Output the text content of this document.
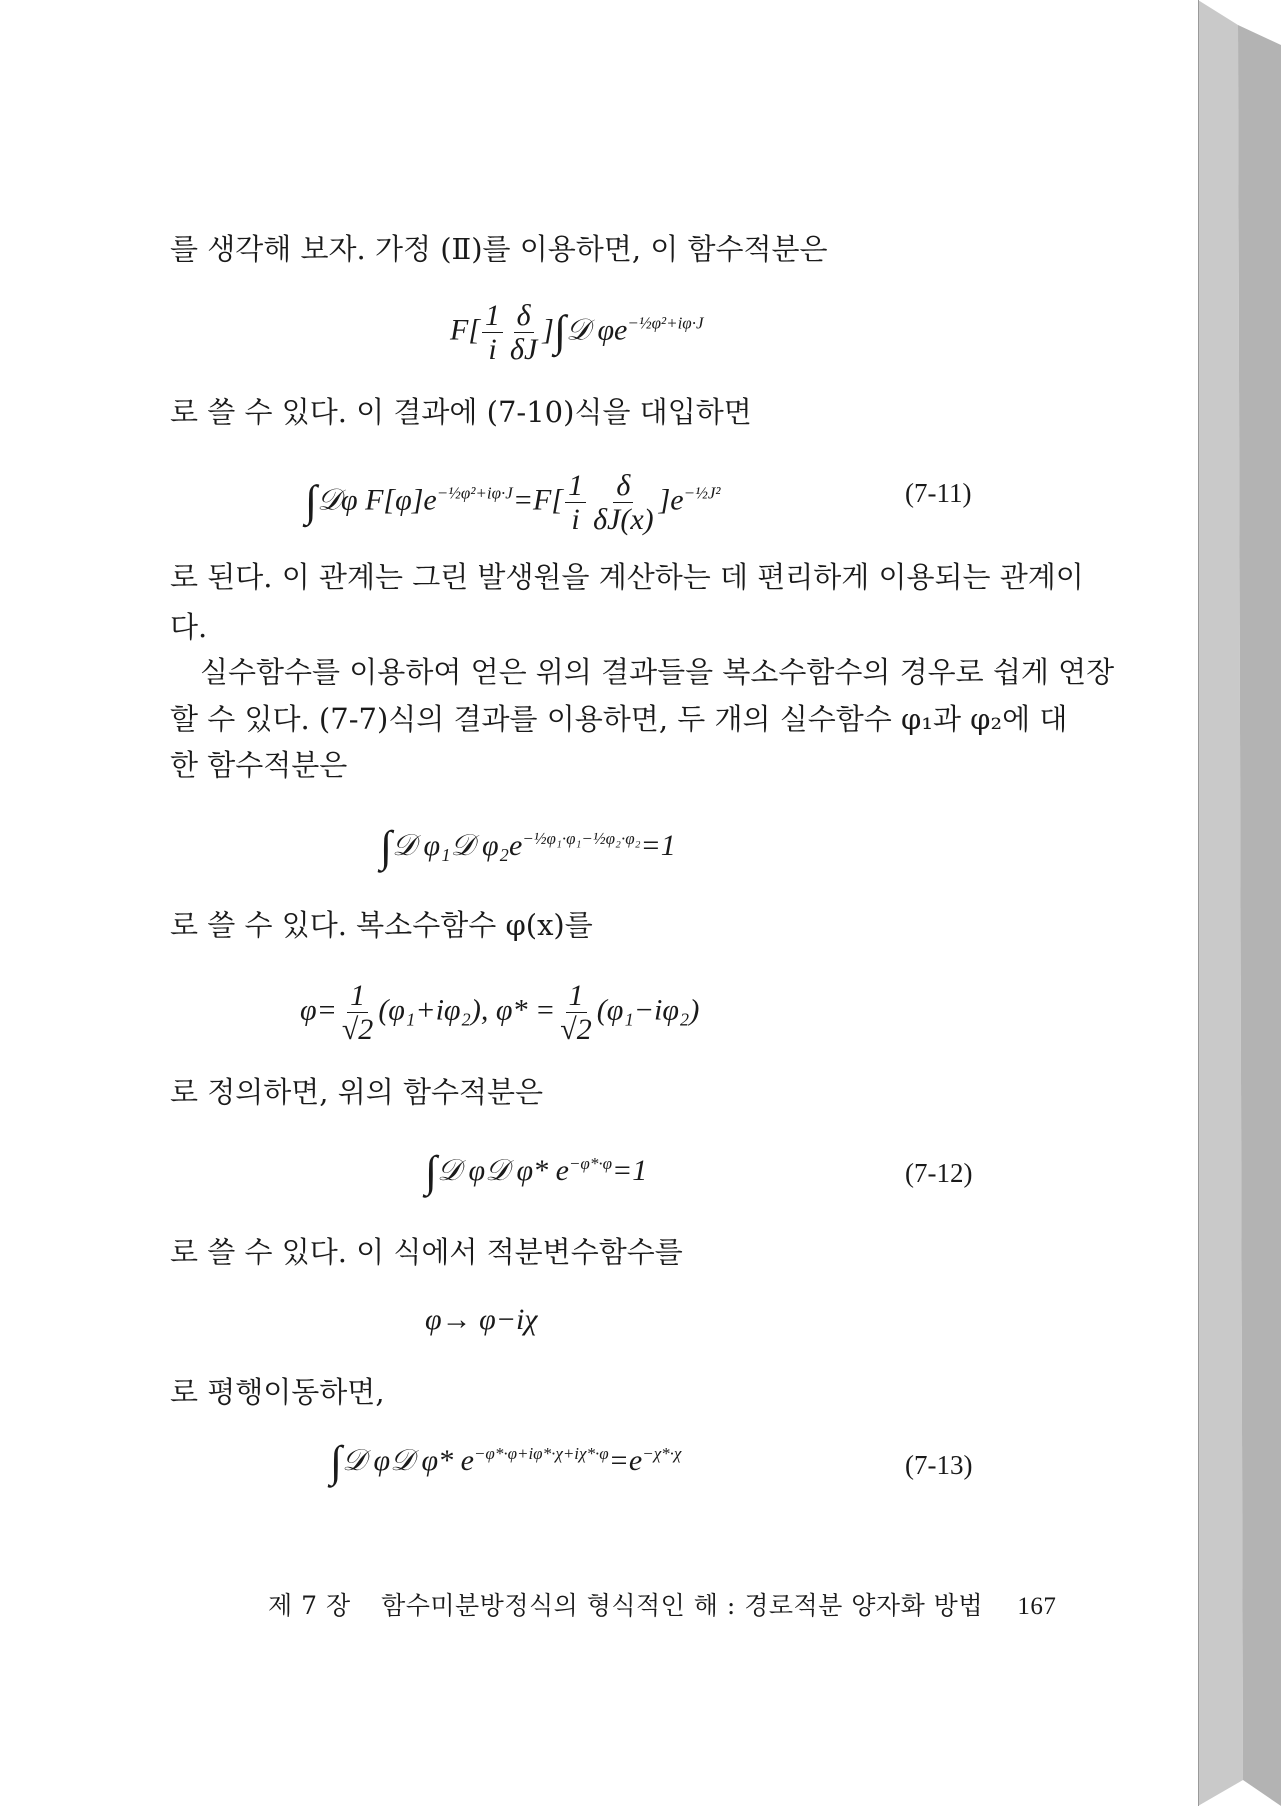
를 생각해 보자. 가정 (Ⅱ)를 이용하면, 이 함수적분은
$F[ \frac{1}{i} \frac{\delta}{\delta J}$ ]∫𝒟 $\varphi e^{-\frac{1}{2}\varphi^2+i\varphi\cdot J}$
로 쓸 수 있다. 이 결과에 (7-10)식을 대입하면
∫𝒟φ $F[\varphi]e^{-\frac{1}{2}\varphi^2+i\varphi\cdot J}=F[ \frac{1}{i} \frac{\delta}{\delta J(x)} ]e^{-\frac{1}{2}J^2}$	(7-11)
로 된다. 이 관계는 그린 발생원을 계산하는 데 편리하게 이용되는 관계이
다.
실수함수를 이용하여 얻은 위의 결과들을 복소수함수의 경우로 쉽게 연장
할 수 있다. (7-7)식의 결과를 이용하면, 두 개의 실수함수 φ₁과 φ₂에 대
한 함수적분은
∫𝒟 φ₁𝒟 $\varphi_2e^{-\frac{1}{2}\varphi_1\cdot\varphi_1-\frac{1}{2}\varphi_2\cdot\varphi_2}=1$
로 쓸 수 있다. 복소수함수 φ(x)를
$\varphi= \frac{1}{√2} (\varphi_1+i\varphi_2)$, $\varphi* = \frac{1}{√2} (\varphi_1-i\varphi_2)$
로 정의하면, 위의 함수적분은
∫𝒟 φ𝒟 φ* $e^{-\varphi*\cdot\varphi}=1$	(7-12)
로 쓸 수 있다. 이 식에서 적분변수함수를
φ→ φ−iχ
로 평행이동하면,
∫𝒟 φ𝒟 φ* $e^{-\varphi*\cdot\varphi+i\varphi*\cdot\chi+i\chi*\cdot\varphi}=e^{-\chi*\cdot\chi}$	(7-13)
제 7 장 함수미분방정식의 형식적인 해 : 경로적분 양자화 방법 167
